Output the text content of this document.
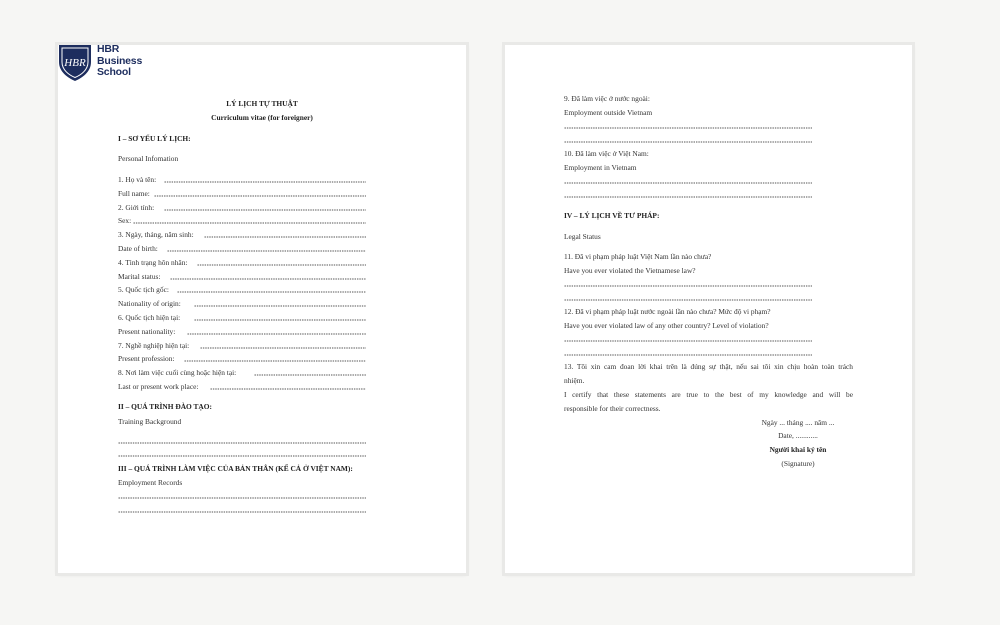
HBR
HBR
Business
School
LÝ LỊCH TỰ THUẬT
Curriculum vitae (for foreigner)
I – SƠ YẾU LÝ LỊCH:
Personal Infomation
1. Họ và tên:
Full name:
2. Giới tính:
Sex:
3. Ngày, tháng, năm sinh:
Date of birth:
4. Tình trạng hôn nhân:
Marital status:
5. Quốc tịch gốc:
Nationality of origin:
6. Quốc tịch hiện tại:
Present nationality:
7. Nghề nghiệp hiện tại:
Present profession:
8. Nơi làm việc cuối cùng hoặc hiện tại:
Last or present work place:
II – QUÁ TRÌNH ĐÀO TẠO:
Training Background
III – QUÁ TRÌNH LÀM VIỆC CỦA BẢN THÂN (KỂ CẢ Ở VIỆT NAM):
Employment Records
9. Đã làm việc ở nước ngoài:
Employment outside Vietnam
10. Đã làm việc ở Việt Nam:
Employment in Vietnam
IV – LÝ LỊCH VỀ TƯ PHÁP:
Legal Status
11. Đã vi phạm pháp luật Việt Nam lần nào chưa?
Have you ever violated the Vietnamese law?
12. Đã vi phạm pháp luật nước ngoài lần nào chưa? Mức độ vi phạm?
Have you ever violated law of any other country? Level of violation?
13. Tôi xin cam đoan lời khai trên là đúng sự thật, nếu sai tôi xin chịu hoàn toàn trách
nhiệm.
I certify that these statements are true to the best of my knowledge and will be
responsible for their correctness.
Ngày ... tháng .... năm ...
Date, ............
Người khai ký tên
(Signature)
